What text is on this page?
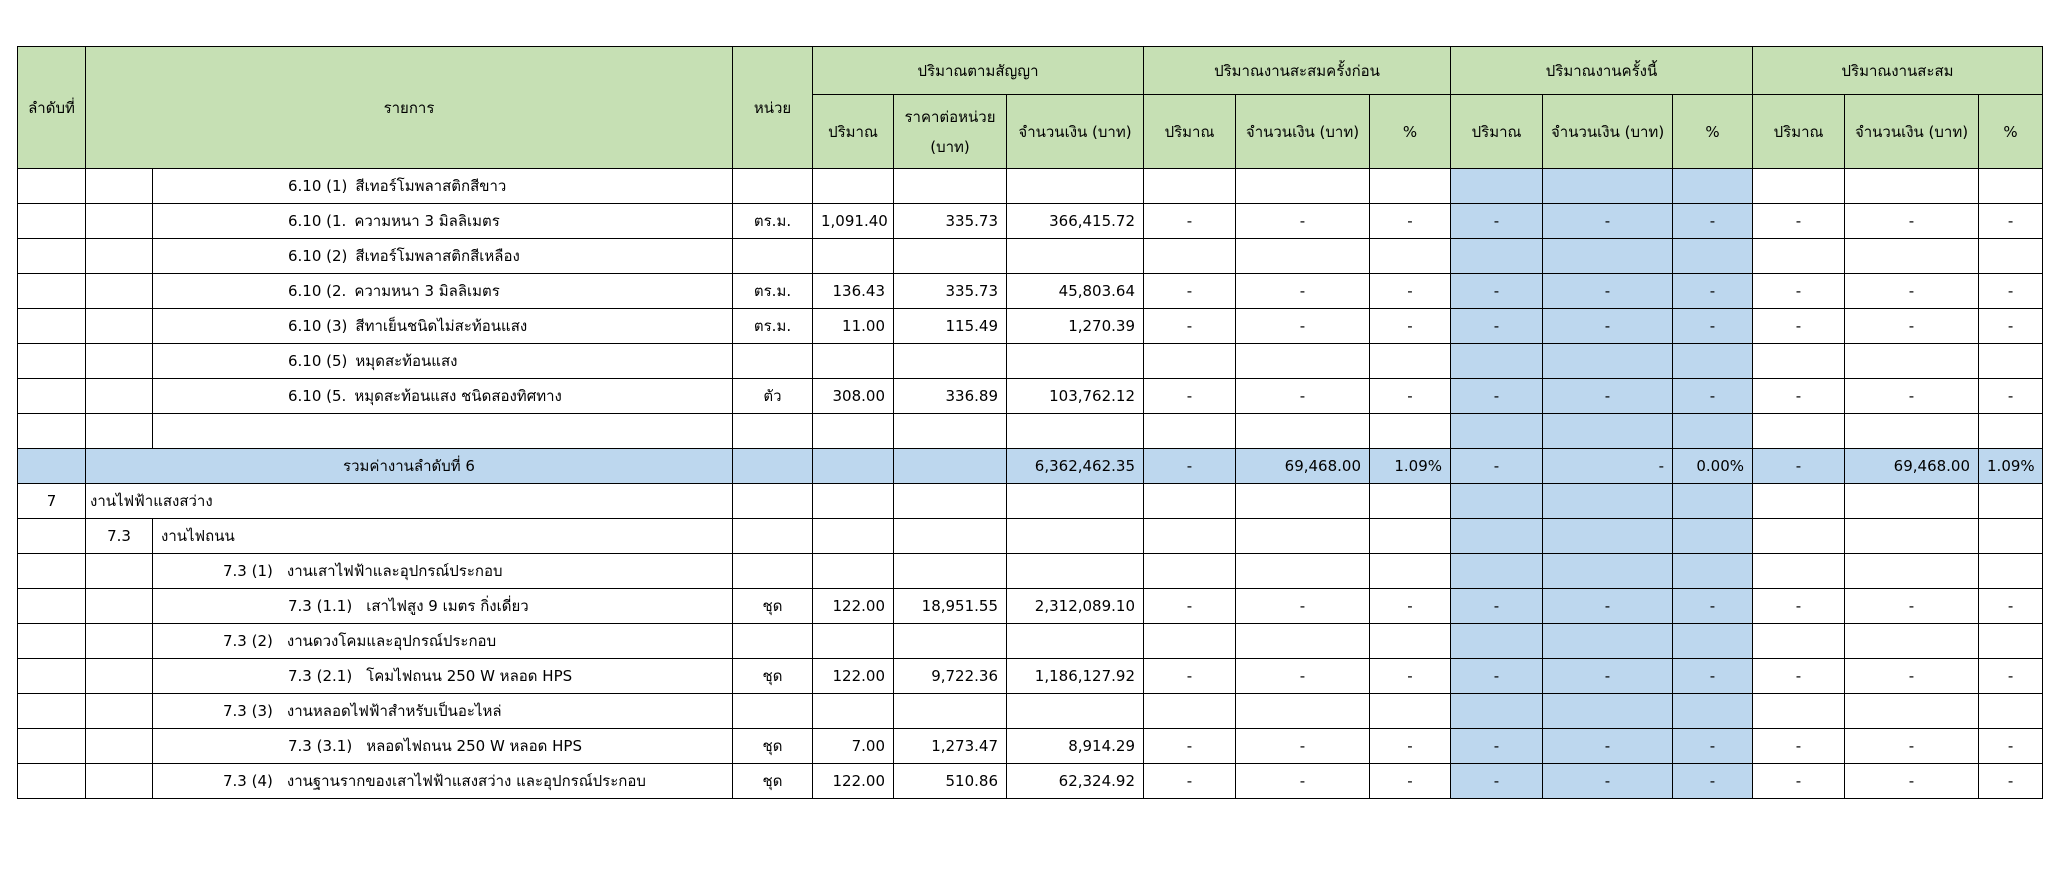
ลำดับที่	รายการ		หน่วย	ปริมาณตามสัญญา			ปริมาณงานสะสมครั้งก่อน			ปริมาณงานครั้งนี้			ปริมาณงานสะสม		
				ปริมาณ	ราคาต่อหน่วย (บาท)	จำนวนเงิน (บาท)	ปริมาณ	จำนวนเงิน (บาท)	%	ปริมาณ	จำนวนเงิน (บาท)	%	ปริมาณ	จำนวนเงิน (บาท)	%
		6.10 (1) สีเทอร์โมพลาสติกสีขาว													
		6.10 (1. ความหนา 3 มิลลิเมตร	ตร.ม.	1,091.40	335.73	366,415.72	-	-	-	-	-	-	-	-	-
		6.10 (2) สีเทอร์โมพลาสติกสีเหลือง													
		6.10 (2. ความหนา 3 มิลลิเมตร	ตร.ม.	136.43	335.73	45,803.64	-	-	-	-	-	-	-	-	-
		6.10 (3) สีทาเย็นชนิดไม่สะท้อนแสง	ตร.ม.	11.00	115.49	1,270.39	-	-	-	-	-	-	-	-	-
		6.10 (5) หมุดสะท้อนแสง													
		6.10 (5. หมุดสะท้อนแสง ชนิดสองทิศทาง	ตัว	308.00	336.89	103,762.12	-	-	-	-	-	-	-	-	-

	รวมค่างานลำดับที่ 6					6,362,462.35	-	69,468.00	1.09%	-	-	0.00%	-	69,468.00	1.09%
7	งานไฟฟ้าแสงสว่าง														
	7.3	งานไฟถนน													
		7.3 (1) งานเสาไฟฟ้าและอุปกรณ์ประกอบ													
		7.3 (1.1) เสาไฟสูง 9 เมตร กิ่งเดี่ยว	ชุด	122.00	18,951.55	2,312,089.10	-	-	-	-	-	-	-	-	-
		7.3 (2) งานดวงโคมและอุปกรณ์ประกอบ													
		7.3 (2.1) โคมไฟถนน 250 W หลอด HPS	ชุด	122.00	9,722.36	1,186,127.92	-	-	-	-	-	-	-	-	-
		7.3 (3) งานหลอดไฟฟ้าสำหรับเป็นอะไหล่													
		7.3 (3.1) หลอดไฟถนน 250 W หลอด HPS	ชุด	7.00	1,273.47	8,914.29	-	-	-	-	-	-	-	-	-
		7.3 (4) งานฐานรากของเสาไฟฟ้าแสงสว่าง และอุปกรณ์ประกอบ	ชุด	122.00	510.86	62,324.92	-	-	-	-	-	-	-	-	-
